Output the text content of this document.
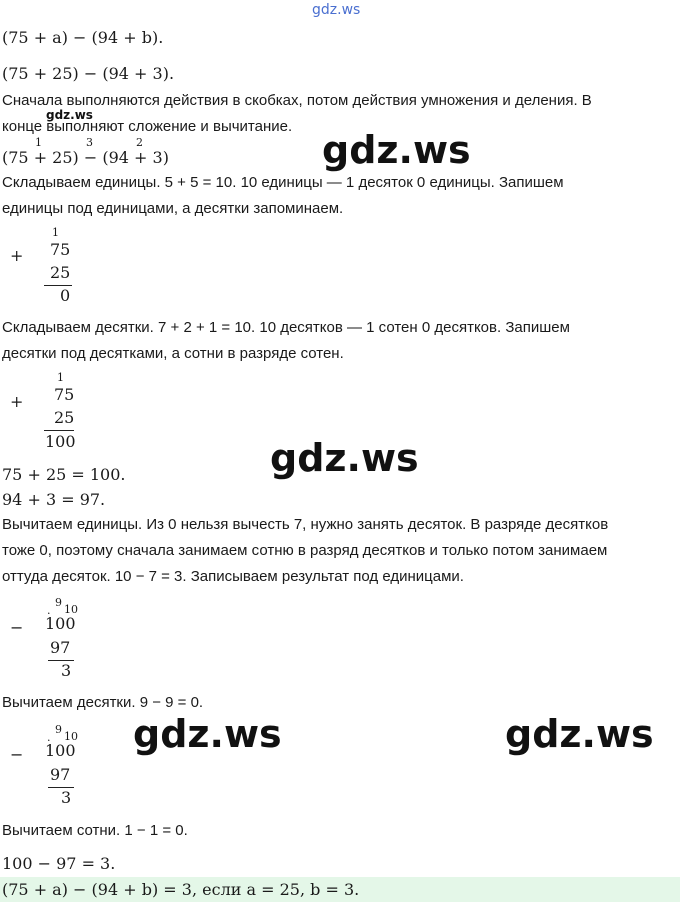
gdz.ws
(75 + a) − (94 + b).
(75 + 25) − (94 + 3).
Сначала выполняются действия в скобках, потом действия умножения и деления. В
gdz.ws
конце выполняют сложение и вычитание.
1	3	2
(75 + 25) − (94 + 3)	gdz.ws
Складываем единицы. 5 + 5 = 10. 10 единицы — 1 десяток 0 единицы. Запишем
единицы под единицами, а десятки запоминаем.
+
1
75
25
0
Складываем десятки. 7 + 2 + 1 = 10. 10 десятков — 1 сотен 0 десятков. Запишем
десятки под десятками, а сотни в разряде сотен.
+
1
75
25
100	gdz.ws
75 + 25 = 100.
94 + 3 = 97.
Вычитаем единицы. Из 0 нельзя вычесть 7, нужно занять десяток. В разряде десятков
тоже 0, поэтому сначала занимаем сотню в разряд десятков и только потом занимаем
оттуда десяток. 10 − 7 = 3. Записываем результат под единицами.
−
.
9
10
100
97
3
Вычитаем десятки. 9 − 9 = 0.
−
.
9
10
100
97
3
gdz.ws	gdz.ws
Вычитаем сотни. 1 − 1 = 0.
100 − 97 = 3.
(75 + a) − (94 + b) = 3, если a = 25, b = 3.
